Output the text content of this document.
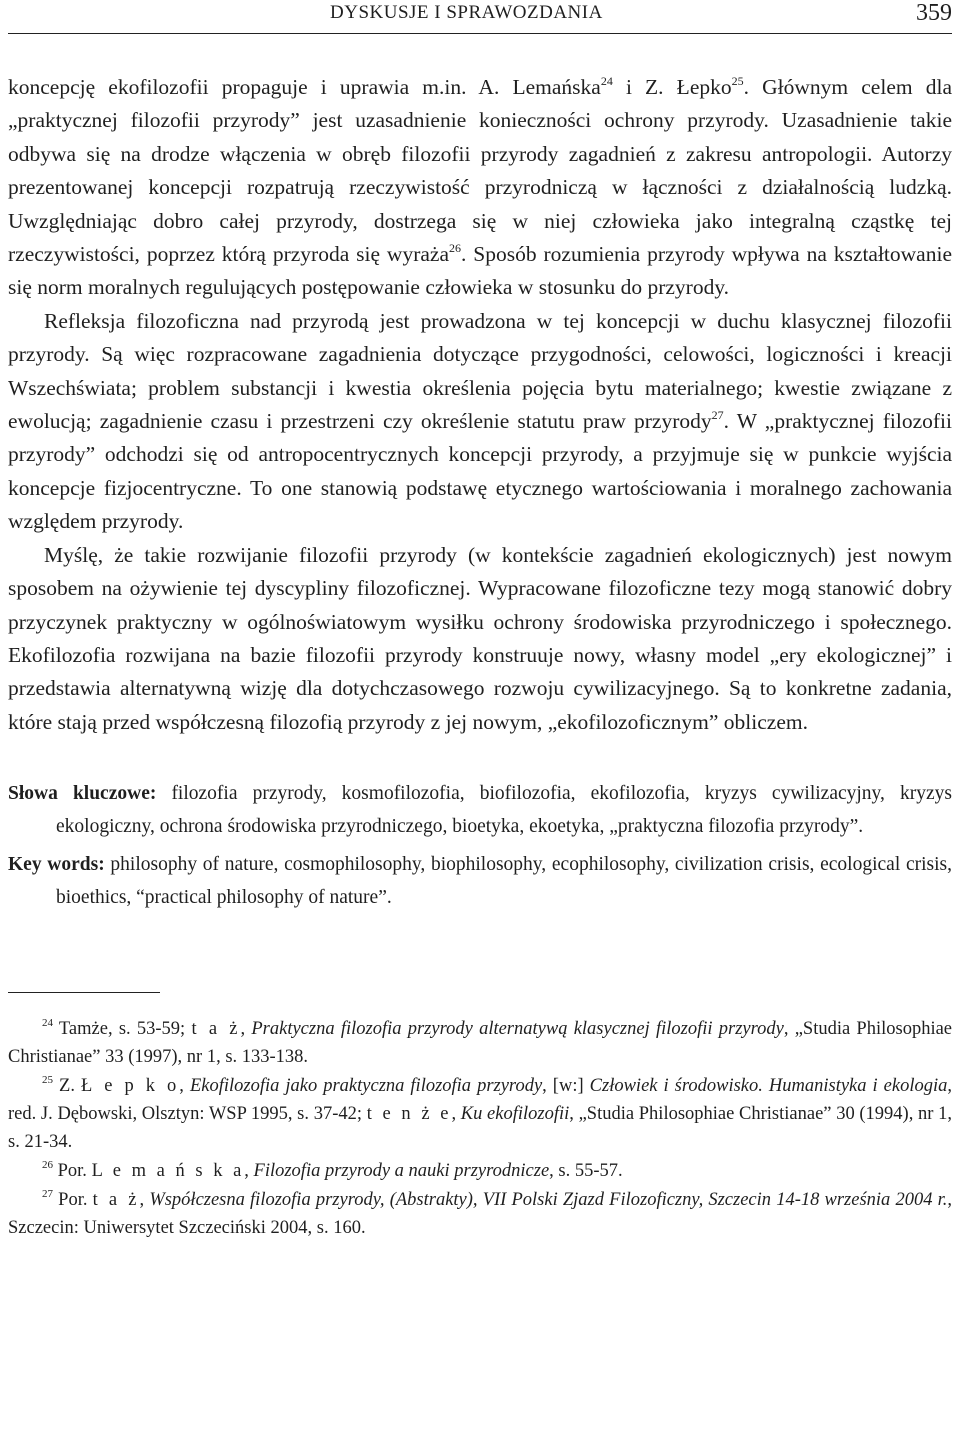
DYSKUSJE I SPRAWOZDANIA	359

koncepcję ekofilozofii propaguje i uprawia m.in. A. Lemańska$^{24}$ i Z. Łepko$^{25}$. Głównym celem dla „praktycznej filozofii przyrody” jest uzasadnienie konieczności ochrony przyrody. Uzasadnienie takie odbywa się na drodze włączenia w obręb filozofii przyrody zagadnień z zakresu antropologii. Autorzy prezentowanej koncepcji rozpatrują rzeczywistość przyrodniczą w łączności z działalnością ludzką. Uwzględniając dobro całej przyrody, dostrzega się w niej człowieka jako integralną cząstkę tej rzeczywistości, poprzez którą przyroda się wyraża$^{26}$. Sposób rozumienia przyrody wpływa na kształtowanie się norm moralnych regulujących postępowanie człowieka w stosunku do przyrody.

Refleksja filozoficzna nad przyrodą jest prowadzona w tej koncepcji w duchu klasycznej filozofii przyrody. Są więc rozpracowane zagadnienia dotyczące przygodności, celowości, logiczności i kreacji Wszechświata; problem substancji i kwestia określenia pojęcia bytu materialnego; kwestie związane z ewolucją; zagadnienie czasu i przestrzeni czy określenie statutu praw przyrody$^{27}$. W „praktycznej filozofii przyrody” odchodzi się od antropocentrycznych koncepcji przyrody, a przyjmuje się w punkcie wyjścia koncepcje fizjocentryczne. To one stanowią podstawę etycznego wartościowania i moralnego zachowania względem przyrody.

Myślę, że takie rozwijanie filozofii przyrody (w kontekście zagadnień ekologicznych) jest nowym sposobem na ożywienie tej dyscypliny filozoficznej. Wypracowane filozoficzne tezy mogą stanowić dobry przyczynek praktyczny w ogólnoświatowym wysiłku ochrony środowiska przyrodniczego i społecznego. Ekofilozofia rozwijana na bazie filozofii przyrody konstruuje nowy, własny model „ery ekologicznej” i przedstawia alternatywną wizję dla dotychczasowego rozwoju cywilizacyjnego. Są to konkretne zadania, które stają przed współczesną filozofią przyrody z jej nowym, „ekofilozoficznym” obliczem.

Słowa kluczowe: filozofia przyrody, kosmofilozofia, biofilozofia, ekofilozofia, kryzys cywilizacyjny, kryzys ekologiczny, ochrona środowiska przyrodniczego, bioetyka, ekoetyka, „praktyczna filozofia przyrody”.

Key words: philosophy of nature, cosmophilosophy, biophilosophy, ecophilosophy, civilization crisis, ecological crisis, bioethics, “practical philosophy of nature”.

$^{24}$ Tamże, s. 53-59; t a ż, Praktyczna filozofia przyrody alternatywą klasycznej filozofii przyrody, „Studia Philosophiae Christianae” 33 (1997), nr 1, s. 133-138.

$^{25}$ Z. Ł e p k o, Ekofilozofia jako praktyczna filozofia przyrody, [w:] Człowiek i środowisko. Humanistyka i ekologia, red. J. Dębowski, Olsztyn: WSP 1995, s. 37-42; t e n ż e, Ku ekofilozofii, „Studia Philosophiae Christianae” 30 (1994), nr 1, s. 21-34.

$^{26}$ Por. L e m a ń s k a, Filozofia przyrody a nauki przyrodnicze, s. 55-57.

$^{27}$ Por. t a ż, Współczesna filozofia przyrody, (Abstrakty), VII Polski Zjazd Filozoficzny, Szczecin 14-18 września 2004 r., Szczecin: Uniwersytet Szczeciński 2004, s. 160.
